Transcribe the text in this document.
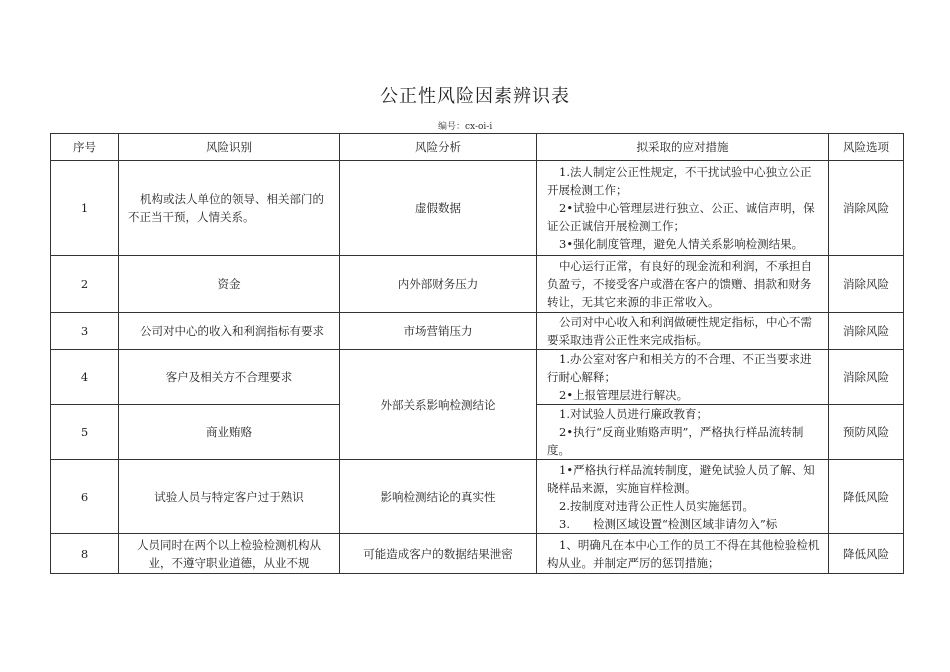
公正性风险因素辨识表
编号：cx-oi-i
序号	风险识别	风险分析	拟采取的应对措施	风险选项
1	机构或法人单位的领导、相关部门的不正当干预，人情关系。	虚假数据	1.法人制定公正性规定，不干扰试验中心独立公正开展检测工作；

2•试验中心管理层进行独立、公正、诚信声明，保证公正诚信开展检测工作；

3•强化制度管理，避免人情关系影响检测结果。	消除风险
2	资金	内外部财务压力	中心运行正常，有良好的现金流和利润，不承担自负盈亏，不接受客户或潜在客户的馈赠、捐款和财务转让，无其它来源的非正常收入。	消除风险
3	公司对中心的收入和利润指标有要求	市场营销压力	公司对中心收入和利润做硬性规定指标，中心不需要采取违背公正性来完成指标。	消除风险
4	客户及相关方不合理要求	外部关系影响检测结论	1.办公室对客户和相关方的不合理、不正当要求进行耐心解释；

2•上报管理层进行解决。	消除风险
5	商业贿赂		1.对试验人员进行廉政教育；

2•执行“反商业贿赂声明”，严格执行样品流转制度。	预防风险
6	试验人员与特定客户过于熟识	影响检测结论的真实性	1•严格执行样品流转制度，避免试验人员了解、知晓样品来源，实施盲样检测。

2.按制度对违背公正性人员实施惩罚。

3.　　检测区域设置“检测区域非请勿入”标	降低风险
8	人员同时在两个以上检验检测机构从业，不遵守职业道德，从业不规	可能造成客户的数据结果泄密	1、明确凡在本中心工作的员工不得在其他检验检机构从业。并制定严厉的惩罚措施；	降低风险
